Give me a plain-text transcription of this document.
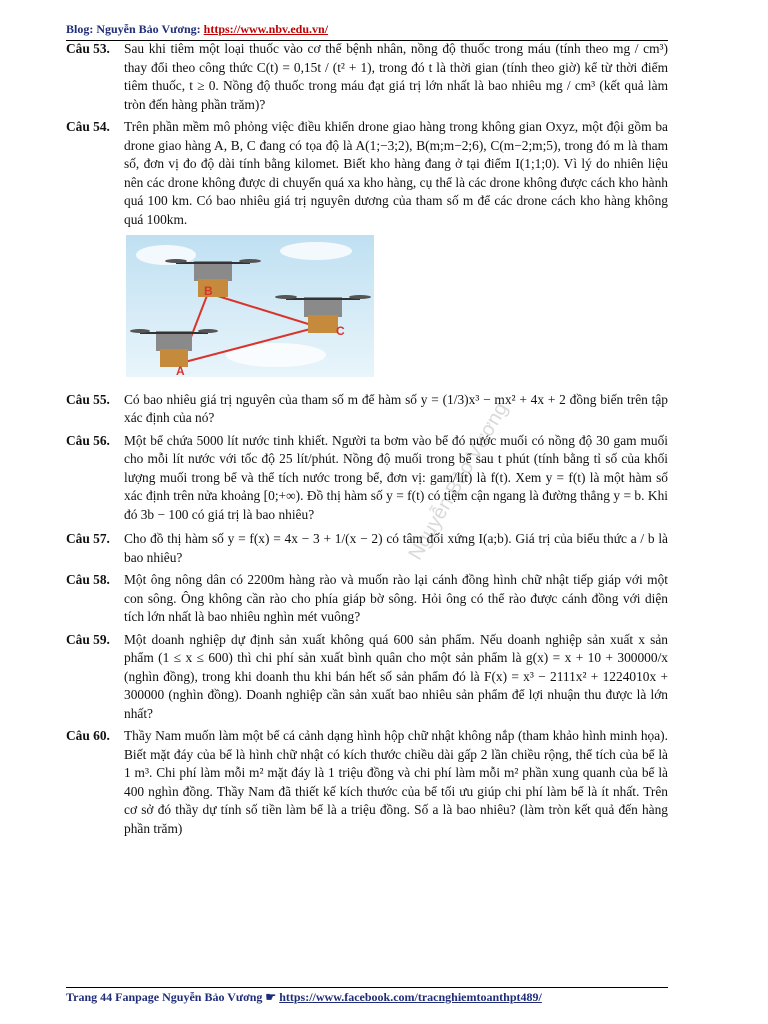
Blog: Nguyễn Bảo Vương: https://www.nbv.edu.vn/
Nguyễn Bảo Vương

Câu 53. Sau khi tiêm một loại thuốc vào cơ thể bệnh nhân, nồng độ thuốc trong máu (tính theo mg / cm³) thay đổi theo công thức C(t) = 0,15t / (t² + 1), trong đó t là thời gian (tính theo giờ) kể từ thời điểm tiêm thuốc, t ≥ 0. Nồng độ thuốc trong máu đạt giá trị lớn nhất là bao nhiêu mg / cm³ (kết quả làm tròn đến hàng phần trăm)?

Câu 54. Trên phần mềm mô phỏng việc điều khiển drone giao hàng trong không gian Oxyz, một đội gồm ba drone giao hàng A, B, C đang có tọa độ là A(1;−3;2), B(m;m−2;6), C(m−2;m;5), trong đó m là tham số, đơn vị đo độ dài tính bằng kilomet. Biết kho hàng đang ở tại điểm I(1;1;0). Vì lý do nhiên liệu nên các drone không được di chuyển quá xa kho hàng, cụ thể là các drone không được cách kho hành quá 100 km. Có bao nhiêu giá trị nguyên dương của tham số m để các drone cách kho hàng không quá 100km.

A
B
C

Câu 55. Có bao nhiêu giá trị nguyên của tham số m để hàm số y = (1/3)x³ − mx² + 4x + 2 đồng biến trên tập xác định của nó?

Câu 56. Một bể chứa 5000 lít nước tinh khiết. Người ta bơm vào bể đó nước muối có nồng độ 30 gam muối cho mỗi lít nước với tốc độ 25 lít/phút. Nồng độ muối trong bể sau t phút (tính bằng tỉ số của khối lượng muối trong bể và thể tích nước trong bể, đơn vị: gam/lít) là f(t). Xem y = f(t) là một hàm số xác định trên nửa khoảng [0;+∞). Đồ thị hàm số y = f(t) có tiệm cận ngang là đường thẳng y = b. Khi đó 3b − 100 có giá trị là bao nhiêu?

Câu 57. Cho đồ thị hàm số y = f(x) = 4x − 3 + 1/(x − 2) có tâm đối xứng I(a;b). Giá trị của biểu thức a / b là bao nhiêu?

Câu 58. Một ông nông dân có 2200m hàng rào và muốn rào lại cánh đồng hình chữ nhật tiếp giáp với một con sông. Ông không cần rào cho phía giáp bờ sông. Hỏi ông có thể rào được cánh đồng với diện tích lớn nhất là bao nhiêu nghìn mét vuông?

Câu 59. Một doanh nghiệp dự định sản xuất không quá 600 sản phẩm. Nếu doanh nghiệp sản xuất x sản phẩm (1 ≤ x ≤ 600) thì chi phí sản xuất bình quân cho một sản phẩm là g(x) = x + 10 + 300000/x (nghìn đồng), trong khi doanh thu khi bán hết số sản phẩm đó là F(x) = x³ − 2111x² + 1224010x + 300000 (nghìn đồng). Doanh nghiệp cần sản xuất bao nhiêu sản phẩm để lợi nhuận thu được là lớn nhất?

Câu 60. Thầy Nam muốn làm một bể cá cảnh dạng hình hộp chữ nhật không nắp (tham khảo hình minh họa). Biết mặt đáy của bể là hình chữ nhật có kích thước chiều dài gấp 2 lần chiều rộng, thể tích của bể là 1 m³. Chi phí làm mỗi m² mặt đáy là 1 triệu đồng và chi phí làm mỗi m² phần xung quanh của bể là 400 nghìn đồng. Thầy Nam đã thiết kế kích thước của bể tối ưu giúp chi phí làm bể là ít nhất. Trên cơ sở đó thầy dự tính số tiền làm bể là a triệu đồng. Số a là bao nhiêu? (làm tròn kết quả đến hàng phần trăm)

Trang 44 Fanpage Nguyễn Bảo Vương ☛ https://www.facebook.com/tracnghiemtoanthpt489/
